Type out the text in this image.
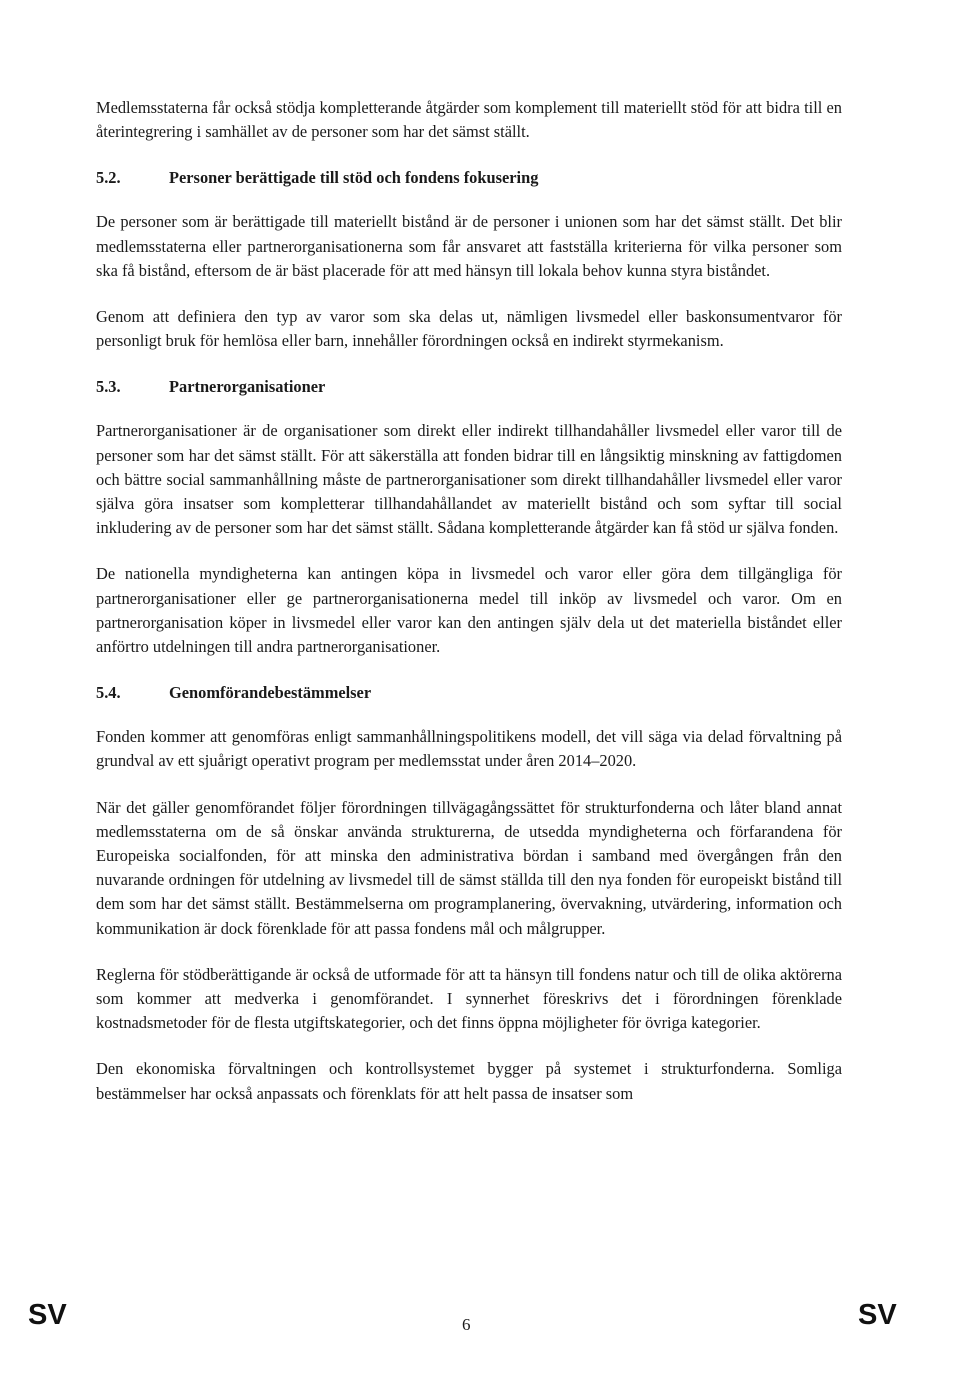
Medlemsstaterna får också stödja kompletterande åtgärder som komplement till materiellt stöd för att bidra till en återintegrering i samhället av de personer som har det sämst ställt.

5.2.	Personer berättigade till stöd och fondens fokusering

De personer som är berättigade till materiellt bistånd är de personer i unionen som har det sämst ställt. Det blir medlemsstaterna eller partnerorganisationerna som får ansvaret att fastställa kriterierna för vilka personer som ska få bistånd, eftersom de är bäst placerade för att med hänsyn till lokala behov kunna styra biståndet.

Genom att definiera den typ av varor som ska delas ut, nämligen livsmedel eller baskonsumentvaror för personligt bruk för hemlösa eller barn, innehåller förordningen också en indirekt styrmekanism.

5.3.	Partnerorganisationer

Partnerorganisationer är de organisationer som direkt eller indirekt tillhandahåller livsmedel eller varor till de personer som har det sämst ställt. För att säkerställa att fonden bidrar till en långsiktig minskning av fattigdomen och bättre social sammanhållning måste de partnerorganisationer som direkt tillhandahåller livsmedel eller varor själva göra insatser som kompletterar tillhandahållandet av materiellt bistånd och som syftar till social inkludering av de personer som har det sämst ställt. Sådana kompletterande åtgärder kan få stöd ur själva fonden.

De nationella myndigheterna kan antingen köpa in livsmedel och varor eller göra dem tillgängliga för partnerorganisationer eller ge partnerorganisationerna medel till inköp av livsmedel och varor. Om en partnerorganisation köper in livsmedel eller varor kan den antingen själv dela ut det materiella biståndet eller anförtro utdelningen till andra partnerorganisationer.

5.4.	Genomförandebestämmelser

Fonden kommer att genomföras enligt sammanhållningspolitikens modell, det vill säga via delad förvaltning på grundval av ett sjuårigt operativt program per medlemsstat under åren 2014–2020.

När det gäller genomförandet följer förordningen tillvägagångssättet för strukturfonderna och låter bland annat medlemsstaterna om de så önskar använda strukturerna, de utsedda myndigheterna och förfarandena för Europeiska socialfonden, för att minska den administrativa bördan i samband med övergången från den nuvarande ordningen för utdelning av livsmedel till de sämst ställda till den nya fonden för europeiskt bistånd till dem som har det sämst ställt. Bestämmelserna om programplanering, övervakning, utvärdering, information och kommunikation är dock förenklade för att passa fondens mål och målgrupper.

Reglerna för stödberättigande är också de utformade för att ta hänsyn till fondens natur och till de olika aktörerna som kommer att medverka i genomförandet. I synnerhet föreskrivs det i förordningen förenklade kostnadsmetoder för de flesta utgiftskategorier, och det finns öppna möjligheter för övriga kategorier.

Den ekonomiska förvaltningen och kontrollsystemet bygger på systemet i strukturfonderna. Somliga bestämmelser har också anpassats och förenklats för att helt passa de insatser som

SV	6	SV
